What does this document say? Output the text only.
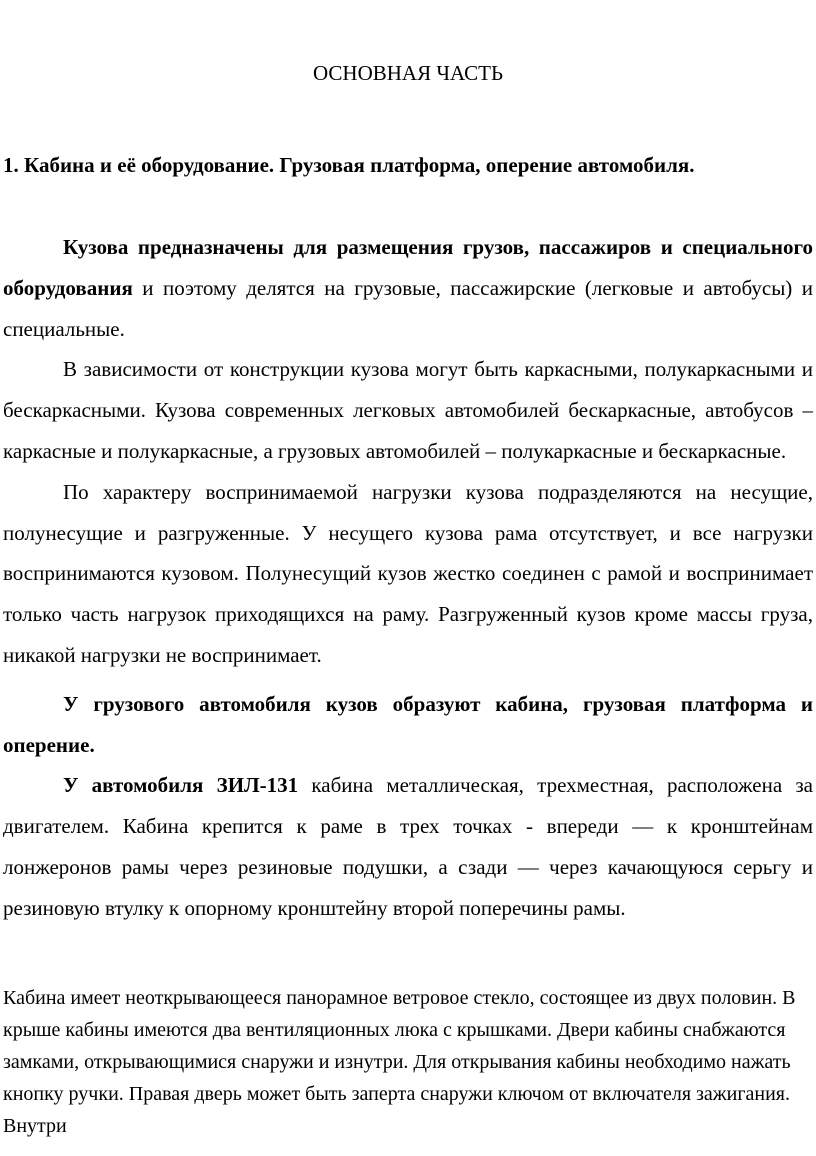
ОСНОВНАЯ ЧАСТЬ
1. Кабина и её оборудование. Грузовая платформа, оперение автомобиля.

Кузова предназначены для размещения грузов, пассажиров и специального оборудования и поэтому делятся на грузовые, пассажирские (легковые и автобусы) и специальные.

В зависимости от конструкции кузова могут быть каркасными, полукаркасными и бескаркасными. Кузова современных легковых автомобилей бескаркасные, автобусов – каркасные и полукаркасные, а грузовых автомобилей – полукаркасные и бескаркасные.

По характеру воспринимаемой нагрузки кузова подразделяются на несущие, полунесущие и разгруженные. У несущего кузова рама отсутствует, и все нагрузки воспринимаются кузовом. Полунесущий кузов жестко соединен с рамой и воспринимает только часть нагрузок приходящихся на раму. Разгруженный кузов кроме массы груза, никакой нагрузки не воспринимает.

У грузового автомобиля кузов образуют кабина, грузовая платформа и оперение.

У автомобиля ЗИЛ-131 кабина металлическая, трехместная, расположена за двигателем. Кабина крепится к раме в трех точках - впереди — к кронштейнам лонжеронов рамы через резиновые подушки, а сзади — через качающуюся серьгу и резиновую втулку к опорному кронштейну второй поперечины рамы.

Кабина имеет неоткрывающееся панорамное ветровое стекло, состоящее из двух половин. В крыше кабины имеются два вентиляционных люка с крышками. Двери кабины снабжаются замками, открывающимися снаружи и изнутри. Для открывания кабины необходимо нажать кнопку ручки. Правая дверь может быть заперта снаружи ключом от включателя зажигания. Внутри
